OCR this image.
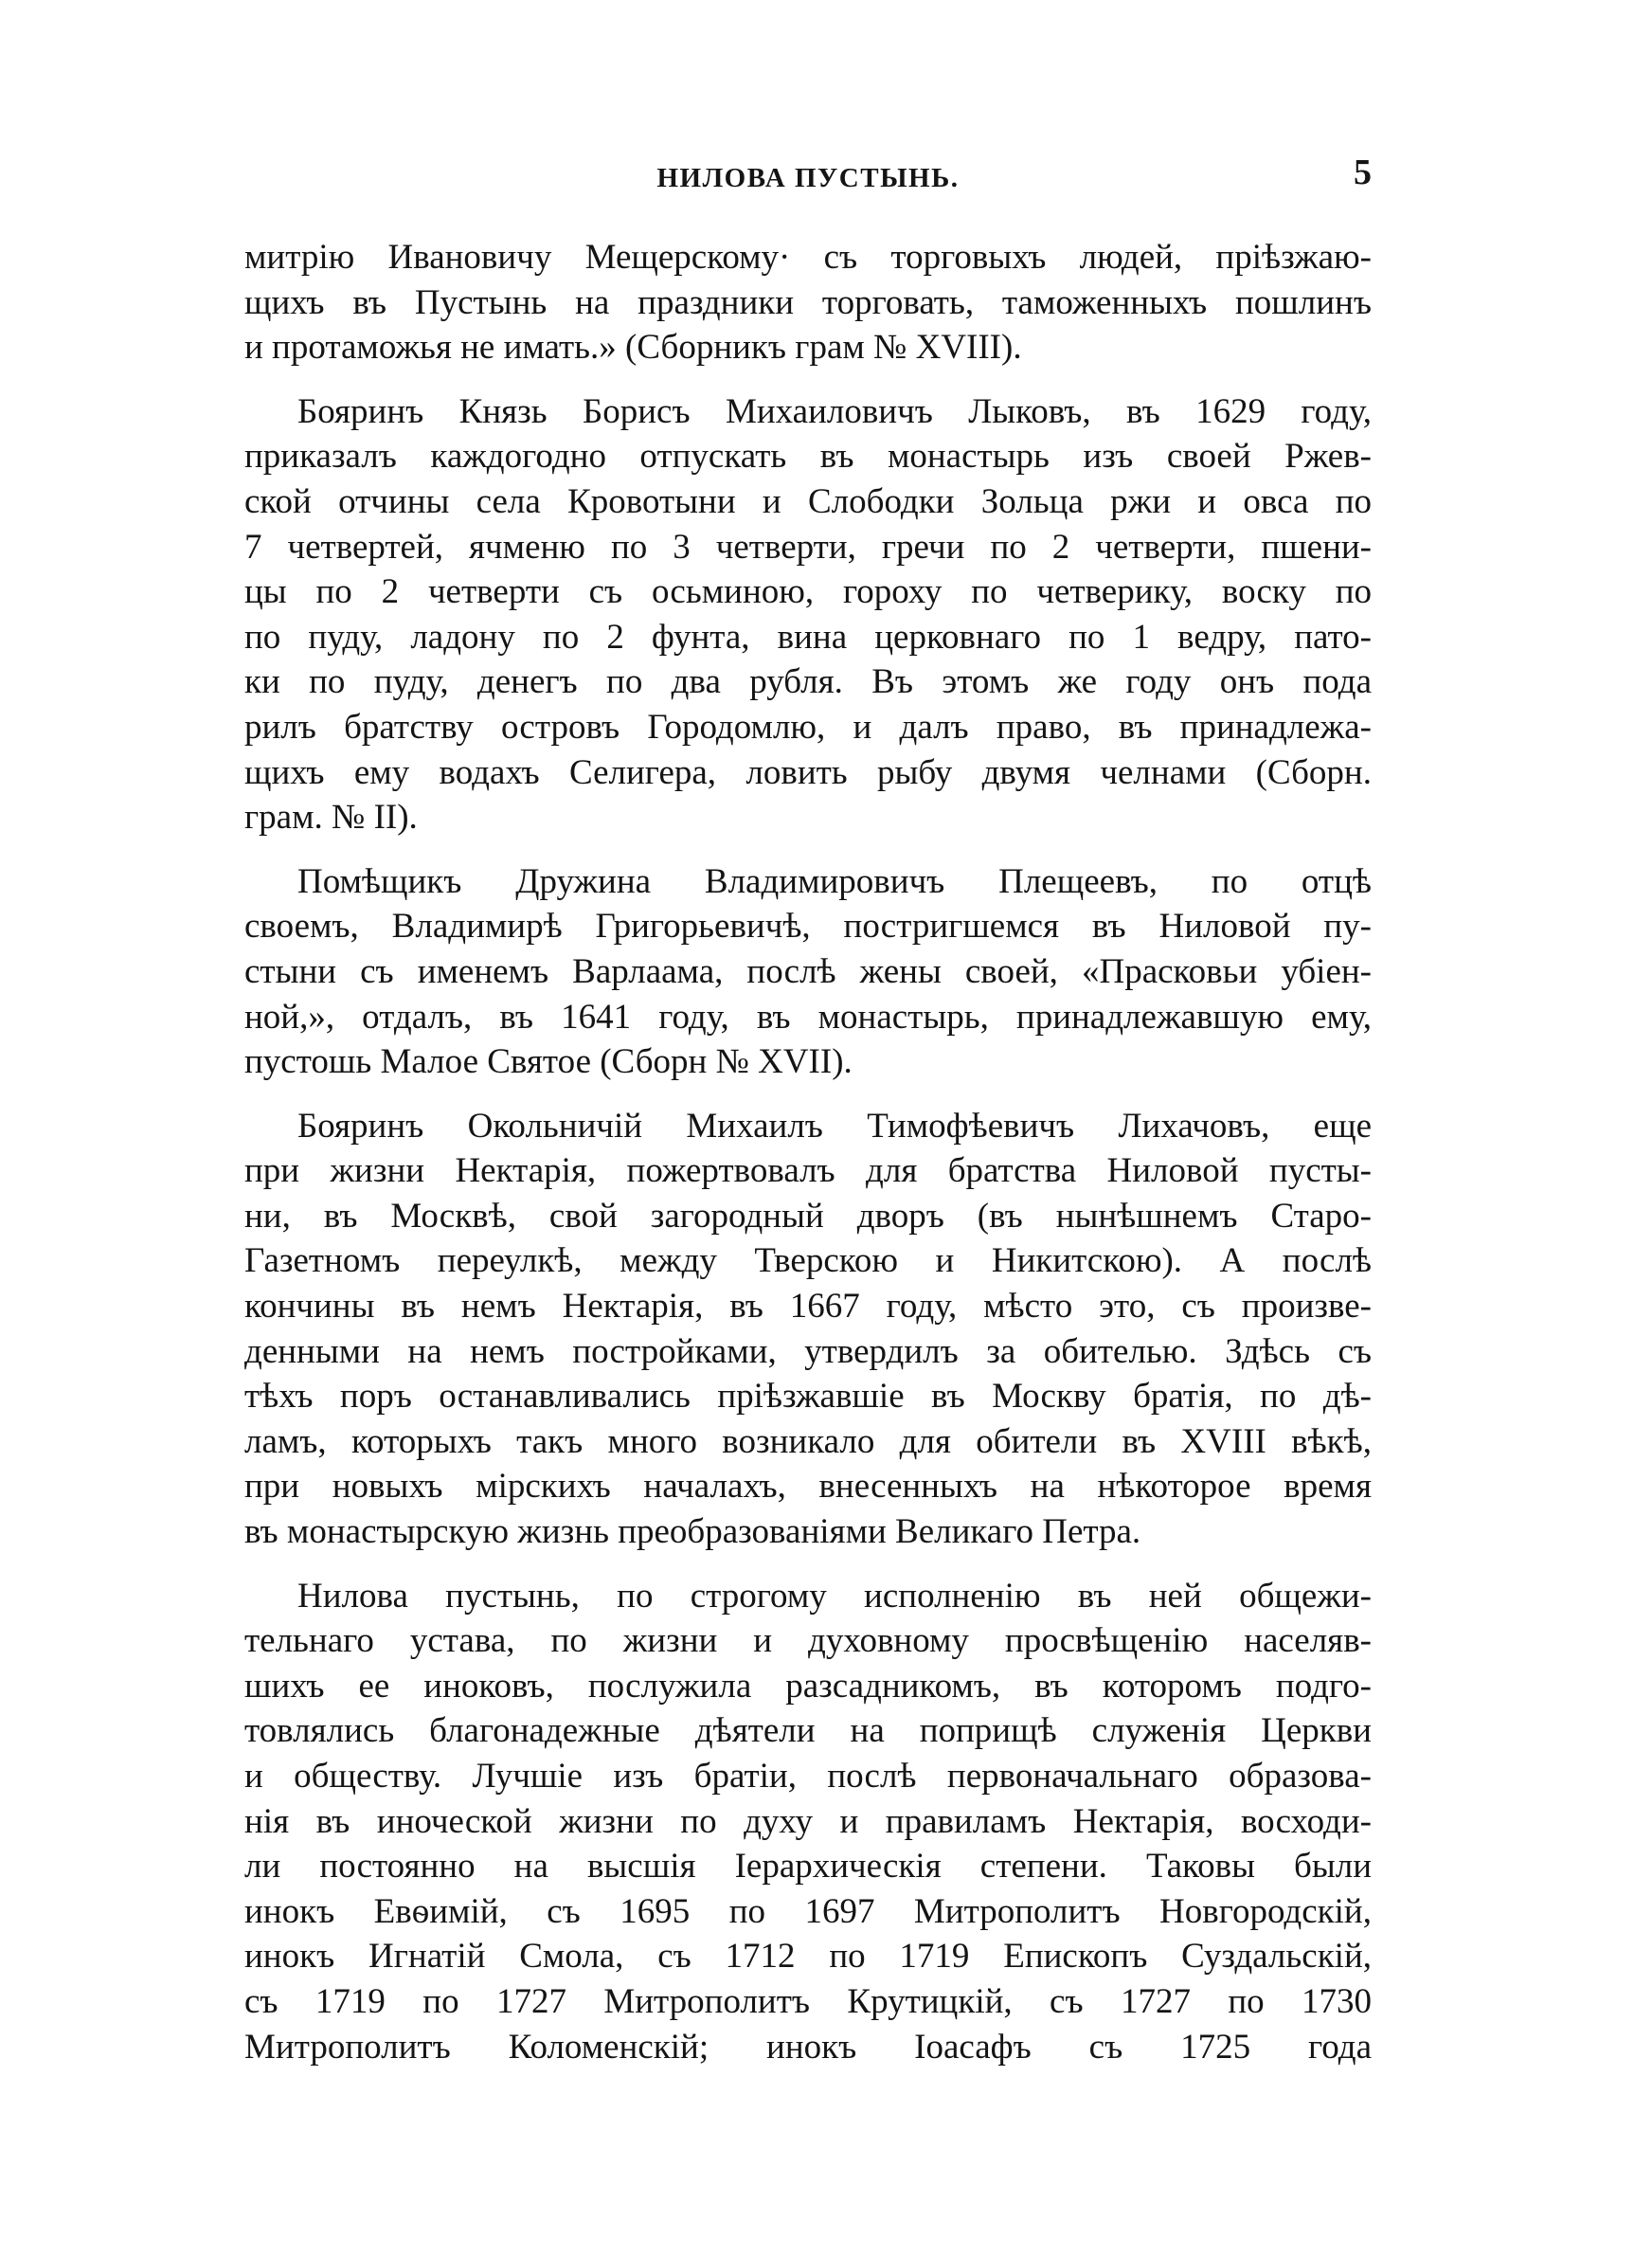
НИЛОВА ПУСТЫНЬ.	5
митрію Ивановичу Мещерскому· съ торговыхъ людей, пріѣзжаю-
щихъ въ Пустынь на праздники торговать, таможенныхъ пошлинъ
и протаможья не имать.» (Сборникъ грам № XVIII).
Бояринъ Князь Борисъ Михаиловичъ Лыковъ, въ 1629 году,
приказалъ каждогодно отпускать въ монастырь изъ своей Ржев-
ской отчины села Кровотыни и Слободки Зольца ржи и овса по
7 четвертей, ячменю по 3 четверти, гречи по 2 четверти, пшени-
цы по 2 четверти съ осьминою, гороху по четверику, воску по
по пуду, ладону по 2 фунта, вина церковнаго по 1 ведру, пато-
ки по пуду, денегъ по два рубля. Въ этомъ же году онъ пода
рилъ братству островъ Городомлю, и далъ право, въ принадлежа-
щихъ ему водахъ Селигера, ловить рыбу двумя челнами (Сборн.
грам. № II).
Помѣщикъ Дружина Владимировичъ Плещеевъ, по отцѣ
своемъ, Владимирѣ Григорьевичѣ, постригшемся въ Ниловой пу-
стыни съ именемъ Варлаама, послѣ жены своей, «Прасковьи убіен-
ной,», отдалъ, въ 1641 году, въ монастырь, принадлежавшую ему,
пустошь Малое Святое (Сборн № XVII).
Бояринъ Окольничій Михаилъ Тимофѣевичъ Лихачовъ, еще
при жизни Нектарія, пожертвовалъ для братства Ниловой пусты-
ни, въ Москвѣ, свой загородный дворъ (въ нынѣшнемъ Старо-
Газетномъ переулкѣ, между Тверскою и Никитскою). А послѣ
кончины въ немъ Нектарія, въ 1667 году, мѣсто это, съ произве-
денными на немъ постройками, утвердилъ за обителью. Здѣсь съ
тѣхъ поръ останавливались пріѣзжавшіе въ Москву братія, по дѣ-
ламъ, которыхъ такъ много возникало для обители въ XVIII вѣкѣ,
при новыхъ мірскихъ началахъ, внесенныхъ на нѣкоторое время
въ монастырскую жизнь преобразованіями Великаго Петра.
Нилова пустынь, по строгому исполненію въ ней общежи-
тельнаго устава, по жизни и духовному просвѣщенію населяв-
шихъ ее иноковъ, послужила разсадникомъ, въ которомъ подго-
товлялись благонадежные дѣятели на поприщѣ служенія Церкви
и обществу. Лучшіе изъ братіи, послѣ первоначальнаго образова-
нія въ иноческой жизни по духу и правиламъ Нектарія, восходи-
ли постоянно на высшія Іерархическія степени. Таковы были
инокъ Евѳимій, съ 1695 по 1697 Митрополитъ Новгородскій,
инокъ Игнатій Смола, съ 1712 по 1719 Епископъ Суздальскій,
съ 1719 по 1727 Митрополитъ Крутицкій, съ 1727 по 1730
Митрополитъ Коломенскій; инокъ Іоасафъ съ 1725 года
